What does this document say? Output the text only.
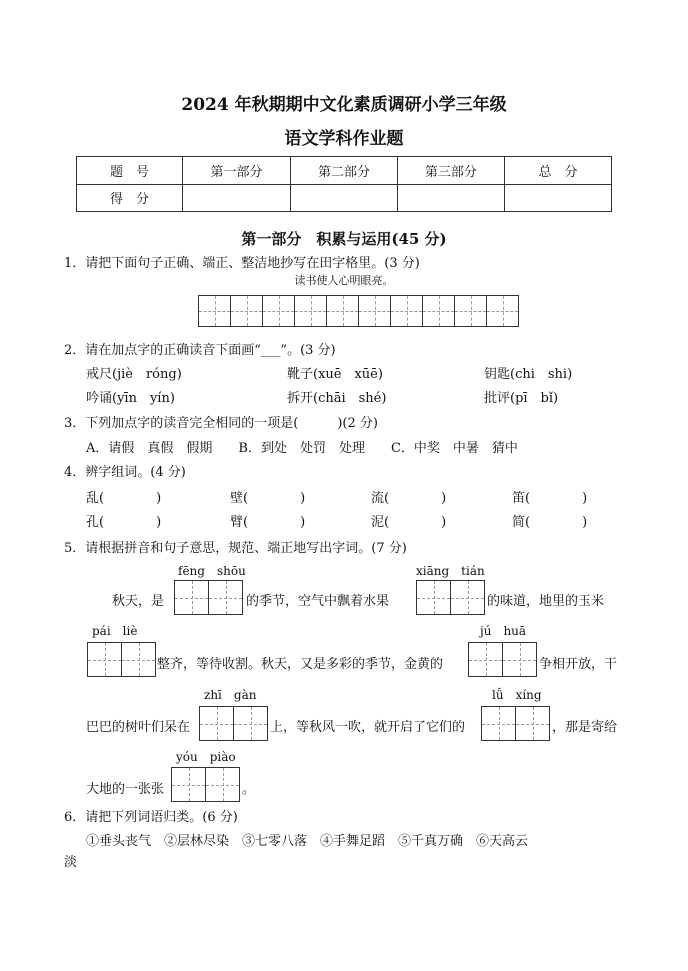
2024 年秋期期中文化素质调研小学三年级
语文学科作业题
题　号	第一部分	第二部分	第三部分	总　分
得　分				
第一部分　积累与运用(45 分)
1．请把下面句子正确、端正、整洁地抄写在田字格里。(3 分)
读书使人心明眼亮。
2．请在加点字的正确读音下面画“___”。(3 分)
戒尺(jiè　róng)	靴子(xuē　xūē)	钥匙(chi　shi)
吟诵(yīn　yín)	拆开(chāi　shé)	批评(pī　bǐ)
3．下列加点字的读音完全相同的一项是(　　　)(2 分)
A．请假　真假　假期　　B．到处　处罚　处理　　C．中奖　中暑　猜中
4．辨字组词。(4 分)
乱(　　　　)	壁(　　　　)	流(　　　　)	笛(　　　　)
孔(　　　　)	臂(　　　　)	泥(　　　　)	简(　　　　)
5．请根据拼音和句子意思，规范、端正地写出字词。(7 分)
fēng　shōu	xiāng　tián
秋天，是	的季节，空气中飘着水果	的味道，地里的玉米
pái　liè	jú　huā
整齐，等待收割。秋天，又是多彩的季节，金黄的	争相开放，干
zhī　gàn	lǚ　xíng
巴巴的树叶们呆在	上，等秋风一吹，就开启了它们的	，那是寄给
yóu　piào
大地的一张张	。
6．请把下列词语归类。(6 分)
①垂头丧气　②层林尽染　③七零八落　④手舞足蹈　⑤千真万确　⑥天高云
淡
